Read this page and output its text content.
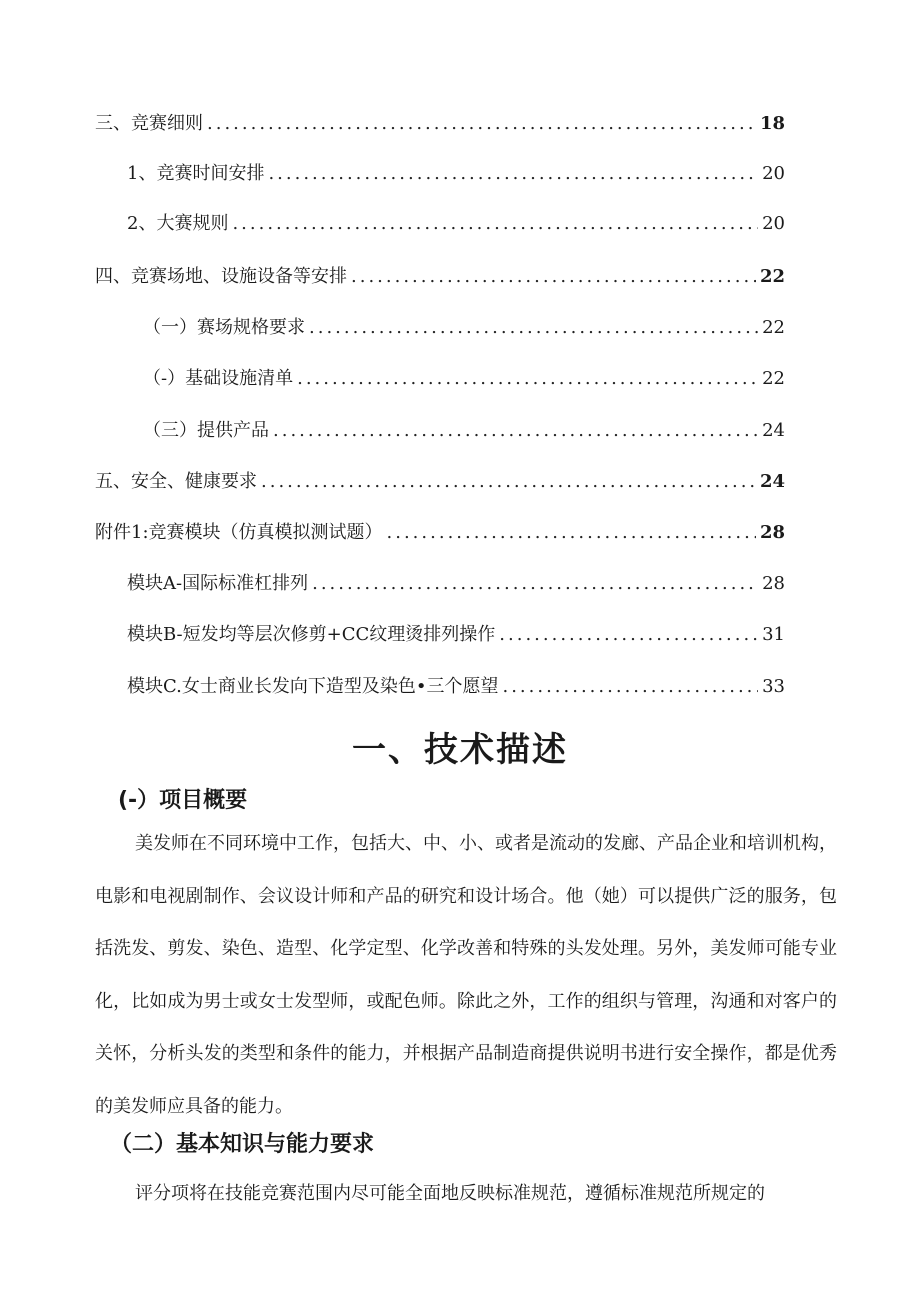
三、竞赛细则 .....	18
1、竞赛时间安排 .....	20
2、大赛规则 .....	20
四、竞赛场地、设施设备等安排 .....	22
（一）赛场规格要求 .....	22
（-）基础设施清单 .....	22
（三）提供产品 .....	24
五、安全、健康要求 .....	24
附件1:竞赛模块（仿真模拟测试题） .....	28
模块A-国际标准杠排列 .....	28
模块B-短发均等层次修剪+CC纹理烫排列操作 .....	31
模块C.女士商业长发向下造型及染色•三个愿望 .....	33
一、技术描述
(-）项目概要

美发师在不同环境中工作，包括大、中、小、或者是流动的发廊、产品企业和培训机构，电影和电视剧制作、会议设计师和产品的研究和设计场合。他（她）可以提供广泛的服务，包括洗发、剪发、染色、造型、化学定型、化学改善和特殊的头发处理。另外，美发师可能专业化，比如成为男士或女士发型师，或配色师。除此之外，工作的组织与管理，沟通和对客户的关怀，分析头发的类型和条件的能力，并根据产品制造商提供说明书进行安全操作，都是优秀的美发师应具备的能力。

（二）基本知识与能力要求

评分项将在技能竞赛范围内尽可能全面地反映标准规范，遵循标准规范所规定的
